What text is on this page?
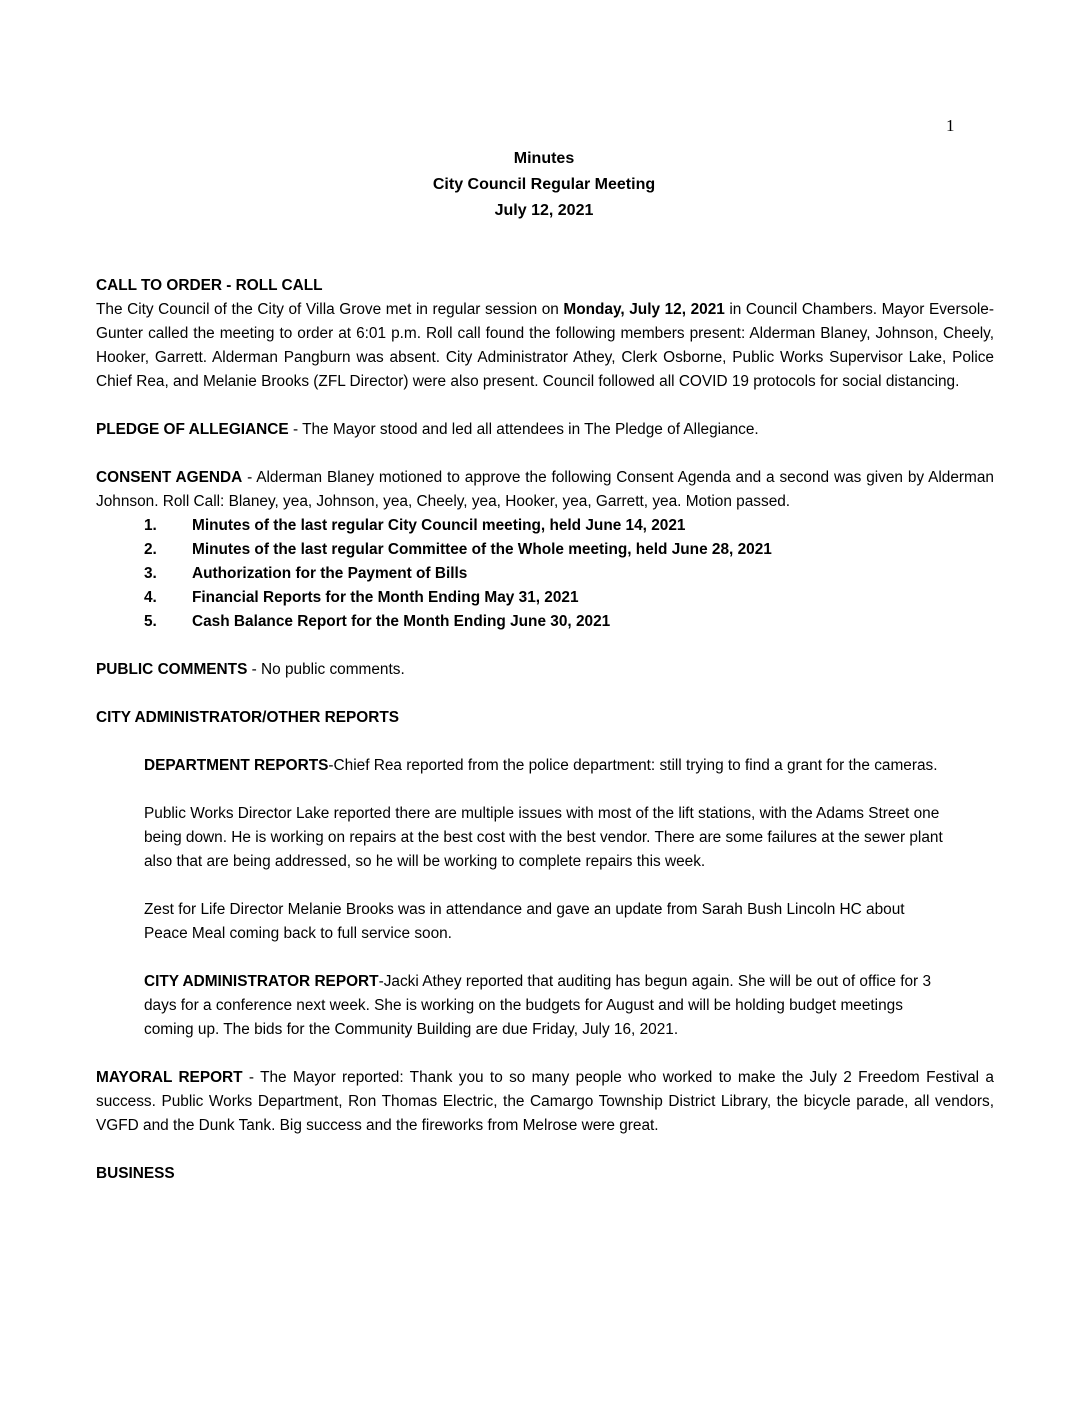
1
Minutes
City Council Regular Meeting
July 12, 2021
CALL TO ORDER - ROLL CALL

The City Council of the City of Villa Grove met in regular session on Monday, July 12, 2021 in Council Chambers. Mayor Eversole-Gunter called the meeting to order at 6:01 p.m. Roll call found the following members present: Alderman Blaney, Johnson, Cheely, Hooker, Garrett. Alderman Pangburn was absent. City Administrator Athey, Clerk Osborne, Public Works Supervisor Lake, Police Chief Rea, and Melanie Brooks (ZFL Director) were also present. Council followed all COVID 19 protocols for social distancing.

PLEDGE OF ALLEGIANCE - The Mayor stood and led all attendees in The Pledge of Allegiance.

CONSENT AGENDA - Alderman Blaney motioned to approve the following Consent Agenda and a second was given by Alderman Johnson. Roll Call: Blaney, yea, Johnson, yea, Cheely, yea, Hooker, yea, Garrett, yea. Motion passed.

1. Minutes of the last regular City Council meeting, held June 14, 2021
2. Minutes of the last regular Committee of the Whole meeting, held June 28, 2021
3. Authorization for the Payment of Bills
4. Financial Reports for the Month Ending May 31, 2021
5. Cash Balance Report for the Month Ending June 30, 2021

PUBLIC COMMENTS - No public comments.

CITY ADMINISTRATOR/OTHER REPORTS

DEPARTMENT REPORTS-Chief Rea reported from the police department: still trying to find a grant for the cameras.

Public Works Director Lake reported there are multiple issues with most of the lift stations, with the Adams Street one being down. He is working on repairs at the best cost with the best vendor. There are some failures at the sewer plant also that are being addressed, so he will be working to complete repairs this week.

Zest for Life Director Melanie Brooks was in attendance and gave an update from Sarah Bush Lincoln HC about Peace Meal coming back to full service soon.

CITY ADMINISTRATOR REPORT-Jacki Athey reported that auditing has begun again. She will be out of office for 3 days for a conference next week. She is working on the budgets for August and will be holding budget meetings coming up. The bids for the Community Building are due Friday, July 16, 2021.

MAYORAL REPORT - The Mayor reported: Thank you to so many people who worked to make the July 2 Freedom Festival a success. Public Works Department, Ron Thomas Electric, the Camargo Township District Library, the bicycle parade, all vendors, VGFD and the Dunk Tank. Big success and the fireworks from Melrose were great.

BUSINESS
